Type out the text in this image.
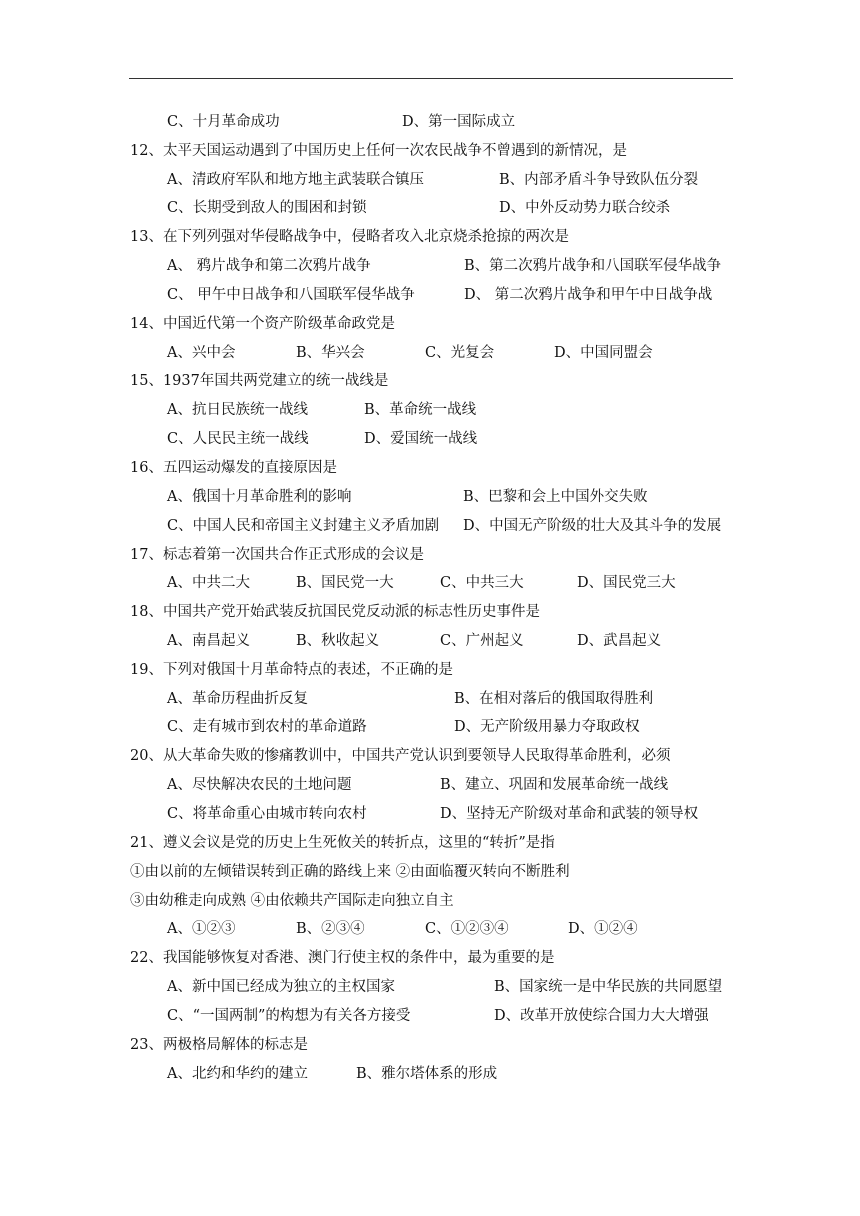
C、十月革命成功	D、第一国际成立
12、太平天国运动遇到了中国历史上任何一次农民战争不曾遇到的新情况，是
A、清政府军队和地方地主武装联合镇压	B、内部矛盾斗争导致队伍分裂
C、长期受到敌人的围困和封锁	D、中外反动势力联合绞杀
13、在下列列强对华侵略战争中，侵略者攻入北京烧杀抢掠的两次是
A、 鸦片战争和第二次鸦片战争	B、第二次鸦片战争和八国联军侵华战争
C、 甲午中日战争和八国联军侵华战争	D、 第二次鸦片战争和甲午中日战争战
14、中国近代第一个资产阶级革命政党是
A、兴中会	B、华兴会	C、光复会	D、中国同盟会
15、1937年国共两党建立的统一战线是
A、抗日民族统一战线	B、革命统一战线
C、人民民主统一战线	D、爱国统一战线
16、五四运动爆发的直接原因是
A、俄国十月革命胜利的影响	B、巴黎和会上中国外交失败
C、中国人民和帝国主义封建主义矛盾加剧 D、中国无产阶级的壮大及其斗争的发展
17、标志着第一次国共合作正式形成的会议是
A、中共二大	B、国民党一大	C、中共三大	D、国民党三大
18、中国共产党开始武装反抗国民党反动派的标志性历史事件是
A、南昌起义	B、秋收起义	C、广州起义	D、武昌起义
19、下列对俄国十月革命特点的表述，不正确的是
A、革命历程曲折反复	B、在相对落后的俄国取得胜利
C、走有城市到农村的革命道路	D、无产阶级用暴力夺取政权
20、从大革命失败的惨痛教训中，中国共产党认识到要领导人民取得革命胜利，必须
A、尽快解决农民的土地问题	B、建立、巩固和发展革命统一战线
C、将革命重心由城市转向农村	D、坚持无产阶级对革命和武装的领导权
21、遵义会议是党的历史上生死攸关的转折点，这里的“转折”是指
①由以前的左倾错误转到正确的路线上来 ②由面临覆灭转向不断胜利
③由幼稚走向成熟 ④由依赖共产国际走向独立自主
A、①②③	B、②③④	C、①②③④	D、①②④
22、我国能够恢复对香港、澳门行使主权的条件中，最为重要的是
A、新中国已经成为独立的主权国家	B、国家统一是中华民族的共同愿望
C、“一国两制”的构想为有关各方接受	D、改革开放使综合国力大大增强
23、两极格局解体的标志是
A、北约和华约的建立	B、雅尔塔体系的形成
